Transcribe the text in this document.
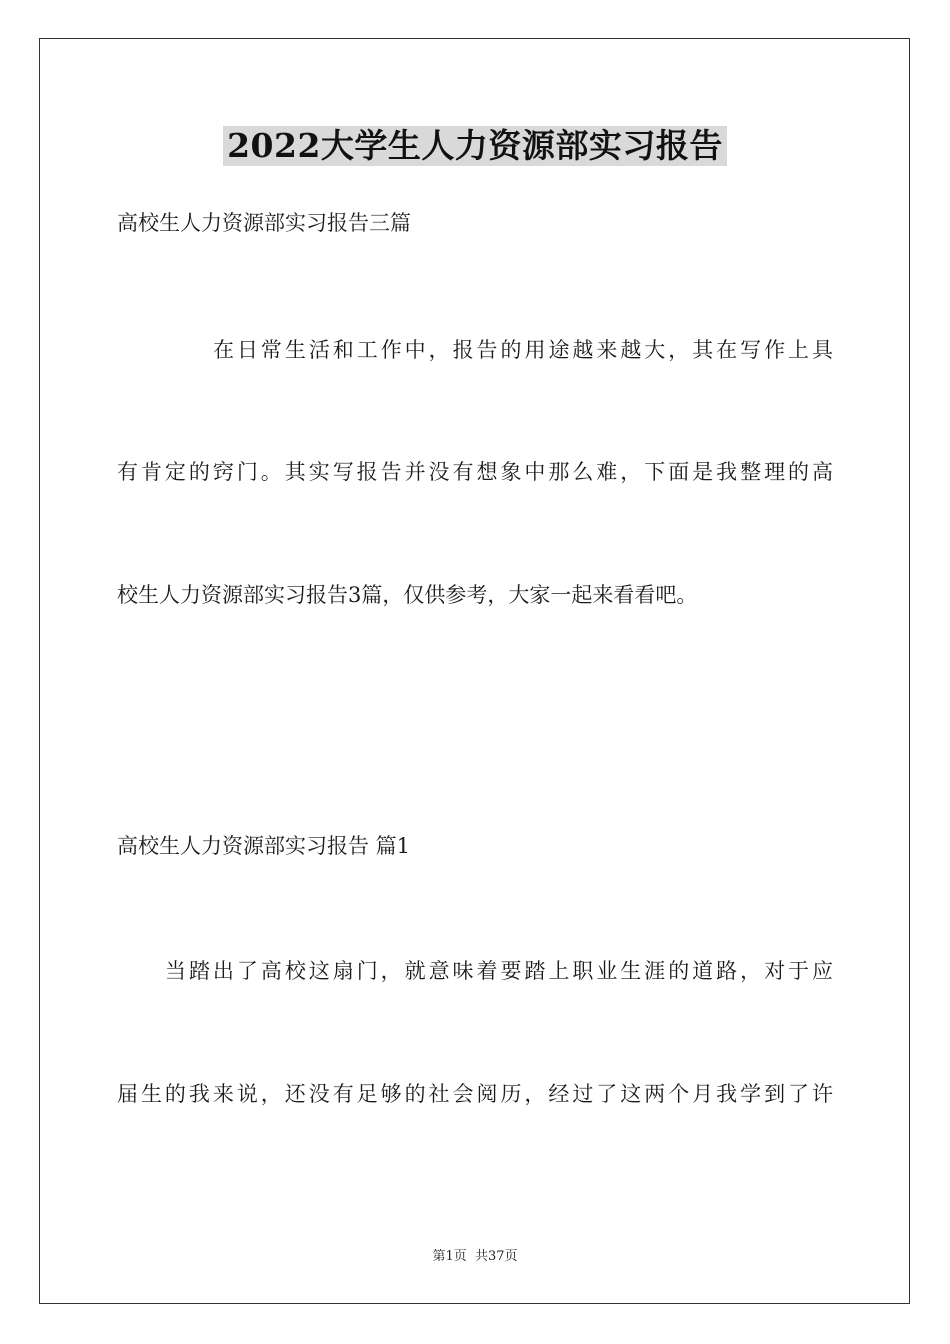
2022大学生人力资源部实习报告
高校生人力资源部实习报告三篇
在日常生活和工作中，报告的用途越来越大，其在写作上具
有肯定的窍门。其实写报告并没有想象中那么难，下面是我整理的高
校生人力资源部实习报告3篇，仅供参考，大家一起来看看吧。
高校生人力资源部实习报告 篇1
当踏出了高校这扇门，就意味着要踏上职业生涯的道路，对于应
届生的我来说，还没有足够的社会阅历，经过了这两个月我学到了许
第1页 共37页
